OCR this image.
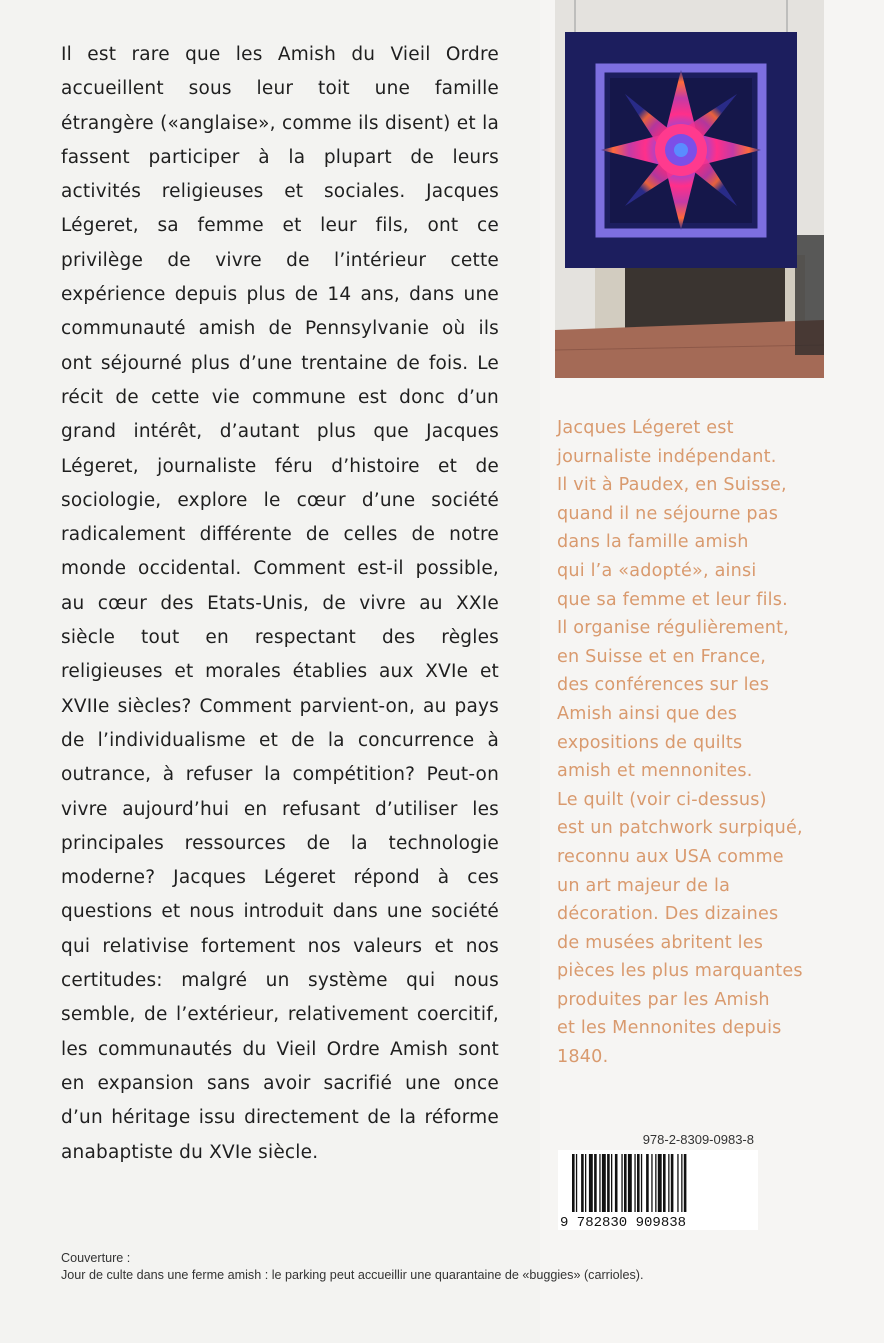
Il est rare que les Amish du Vieil Ordre accueillent sous leur toit une famille étrangère («anglaise», comme ils disent) et la fassent participer à la plupart de leurs activités religieuses et sociales. Jacques Légeret, sa femme et leur fils, ont ce privilège de vivre de l’intérieur cette expérience depuis plus de 14 ans, dans une communauté amish de Pennsylvanie où ils ont séjourné plus d’une trentaine de fois. Le récit de cette vie commune est donc d’un grand intérêt, d’autant plus que Jacques Légeret, journaliste féru d’histoire et de sociologie, explore le cœur d’une société radicalement différente de celles de notre monde occidental. Comment est-il possible, au cœur des Etats-Unis, de vivre au XXIe siècle tout en respectant des règles religieuses et morales établies aux XVIe et XVIIe siècles? Comment parvient-on, au pays de l’individualisme et de la concurrence à outrance, à refuser la compétition? Peut-on vivre aujourd’hui en refusant d’utiliser les principales ressources de la technologie moderne? Jacques Légeret répond à ces questions et nous introduit dans une société qui relativise fortement nos valeurs et nos certitudes: malgré un système qui nous semble, de l’extérieur, relativement coercitif, les communautés du Vieil Ordre Amish sont en expansion sans avoir sacrifié une once d’un héritage issu directement de la réforme anabaptiste du XVIe siècle.

Jacques Légeret est
journaliste indépendant.
Il vit à Paudex, en Suisse,
quand il ne séjourne pas
dans la famille amish
qui l’a «adopté», ainsi
que sa femme et leur fils.
Il organise régulièrement,
en Suisse et en France,
des conférences sur les
Amish ainsi que des
expositions de quilts
amish et mennonites.
Le quilt (voir ci-dessus)
est un patchwork surpiqué,
reconnu aux USA comme
un art majeur de la
décoration. Des dizaines
de musées abritent les
pièces les plus marquantes
produites par les Amish
et les Mennonites depuis
1840.

978-2-8309-0983-8
9 782830 909838
Couverture :
Jour de culte dans une ferme amish : le parking peut accueillir une quarantaine de «buggies» (carrioles).
